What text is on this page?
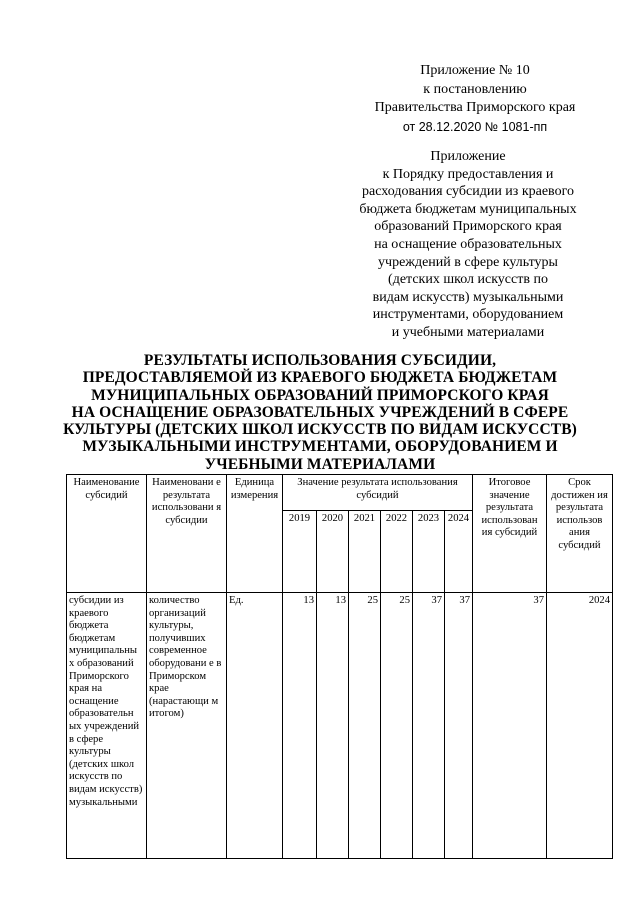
Приложение № 10
к постановлению
Правительства Приморского края
от 28.12.2020 № 1081-пп
Приложение
к Порядку предоставления и
расходования субсидии из краевого
бюджета бюджетам муниципальных
образований Приморского края
на оснащение образовательных
учреждений в сфере культуры
(детских школ искусств по
видам искусств) музыкальными
инструментами, оборудованием
и учебными материалами
РЕЗУЛЬТАТЫ ИСПОЛЬЗОВАНИЯ СУБСИДИИ,
ПРЕДОСТАВЛЯЕМОЙ ИЗ КРАЕВОГО БЮДЖЕТА БЮДЖЕТАМ
МУНИЦИПАЛЬНЫХ ОБРАЗОВАНИЙ ПРИМОРСКОГО КРАЯ
НА ОСНАЩЕНИЕ ОБРАЗОВАТЕЛЬНЫХ УЧРЕЖДЕНИЙ В СФЕРЕ
КУЛЬТУРЫ (ДЕТСКИХ ШКОЛ ИСКУССТВ ПО ВИДАМ ИСКУССТВ)
МУЗЫКАЛЬНЫМИ ИНСТРУМЕНТАМИ, ОБОРУДОВАНИЕМ И
УЧЕБНЫМИ МАТЕРИАЛАМИ
Наименование субсидий	Наименовани е результата использовани я субсидии	Единица измерения	Значение результата использования субсидий						Итоговое значение результата использован ия субсидий	Срок достижен ия результата использов ания субсидий
			2019	2020	2021	2022	2023	2024		
субсидии из краевого бюджета бюджетам муниципальны х образований Приморского края на оснащение образовательн ых учреждений в сфере культуры (детских школ искусств по видам искусств) музыкальными	количество организаций культуры, получивших современное оборудовани е в Приморском крае (нарастающи м итогом)	Ед.	13	13	25	25	37	37	37	2024
